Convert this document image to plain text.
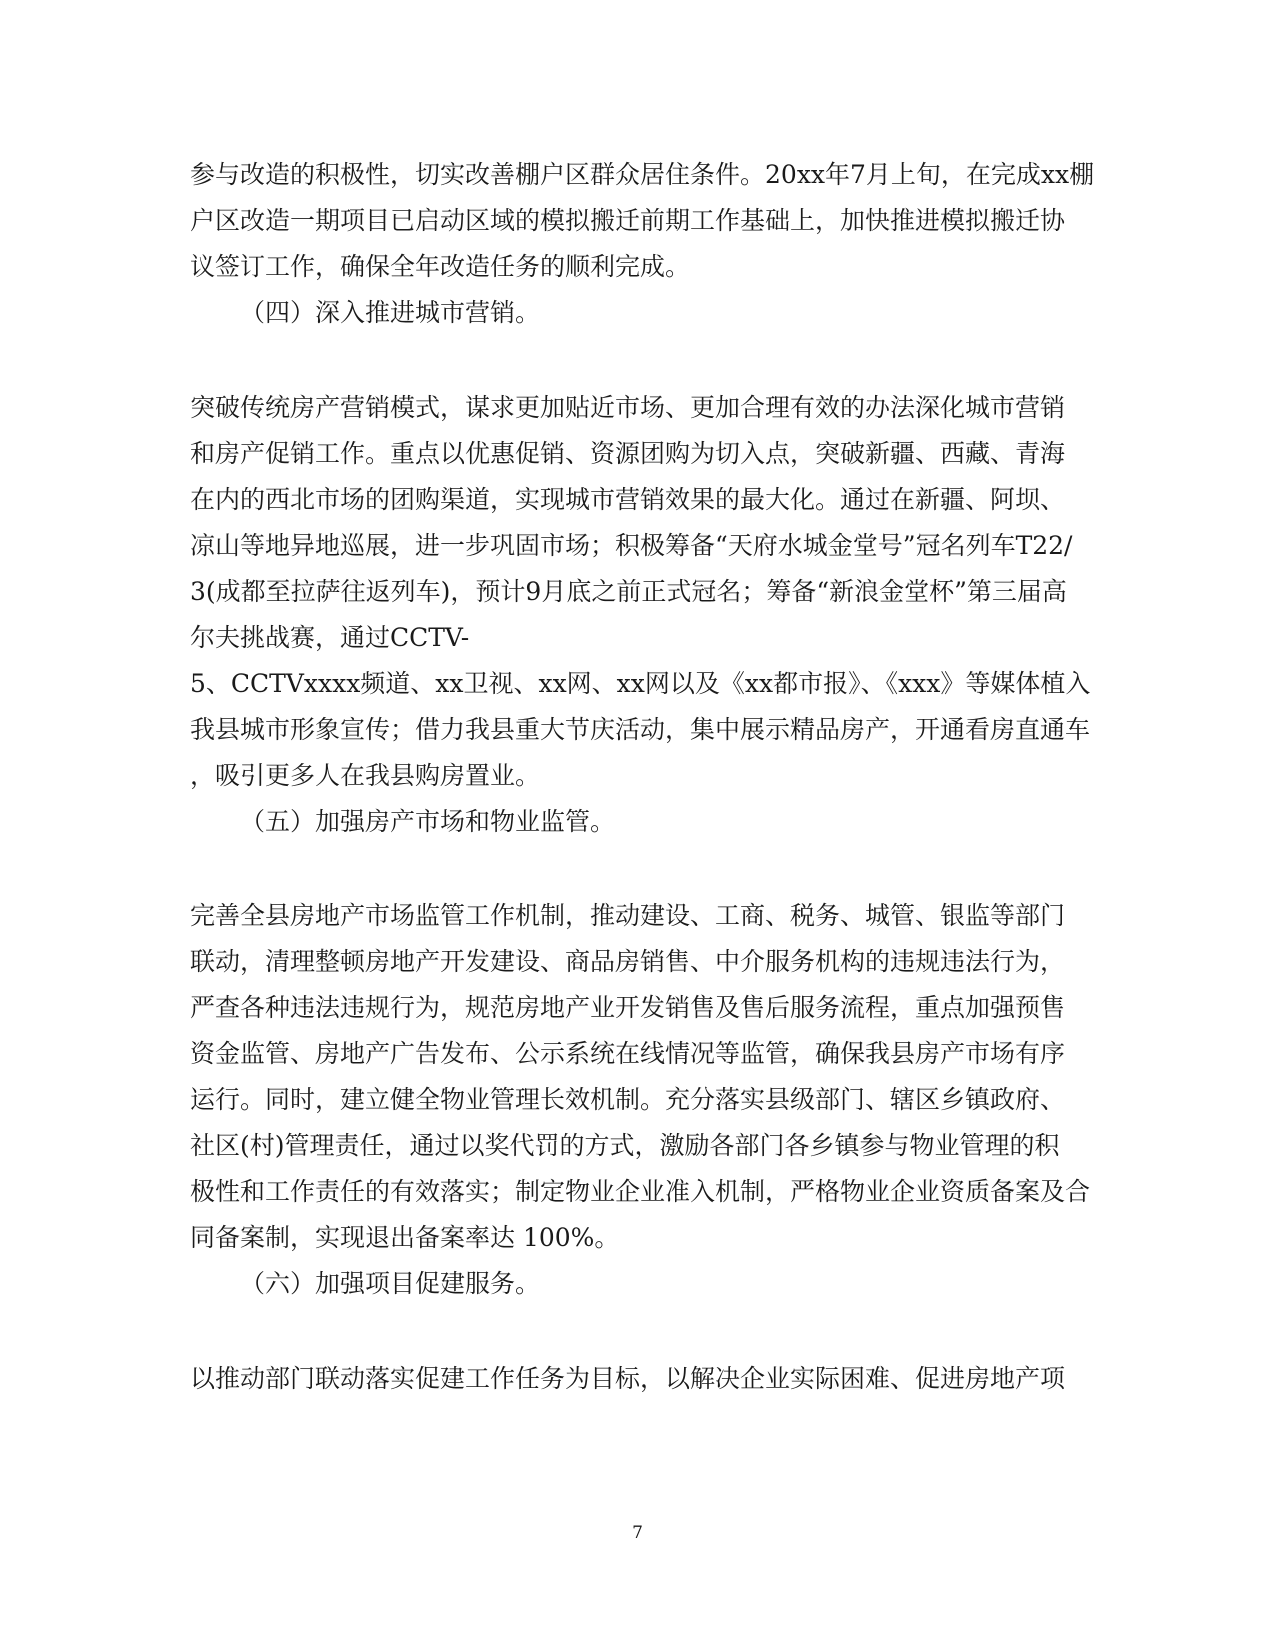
参与改造的积极性，切实改善棚户区群众居住条件。20xx年7月上旬，在完成xx棚
户区改造一期项目已启动区域的模拟搬迁前期工作基础上，加快推进模拟搬迁协
议签订工作，确保全年改造任务的顺利完成。
（四）深入推进城市营销。
突破传统房产营销模式，谋求更加贴近市场、更加合理有效的办法深化城市营销
和房产促销工作。重点以优惠促销、资源团购为切入点，突破新疆、西藏、青海
在内的西北市场的团购渠道，实现城市营销效果的最大化。通过在新疆、阿坝、
凉山等地异地巡展，进一步巩固市场；积极筹备“天府水城金堂号”冠名列车T22/
3(成都至拉萨往返列车)，预计9月底之前正式冠名；筹备“新浪金堂杯”第三届高
尔夫挑战赛，通过CCTV-
5、CCTVxxxx频道、xx卫视、xx网、xx网以及《xx都市报》、《xxx》等媒体植入
我县城市形象宣传；借力我县重大节庆活动，集中展示精品房产，开通看房直通车
，吸引更多人在我县购房置业。
（五）加强房产市场和物业监管。
完善全县房地产市场监管工作机制，推动建设、工商、税务、城管、银监等部门
联动，清理整顿房地产开发建设、商品房销售、中介服务机构的违规违法行为，
严查各种违法违规行为，规范房地产业开发销售及售后服务流程，重点加强预售
资金监管、房地产广告发布、公示系统在线情况等监管，确保我县房产市场有序
运行。同时，建立健全物业管理长效机制。充分落实县级部门、辖区乡镇政府、
社区(村)管理责任，通过以奖代罚的方式，激励各部门各乡镇参与物业管理的积
极性和工作责任的有效落实；制定物业企业准入机制，严格物业企业资质备案及合
同备案制，实现退出备案率达 100%。
（六）加强项目促建服务。
以推动部门联动落实促建工作任务为目标，以解决企业实际困难、促进房地产项
7
